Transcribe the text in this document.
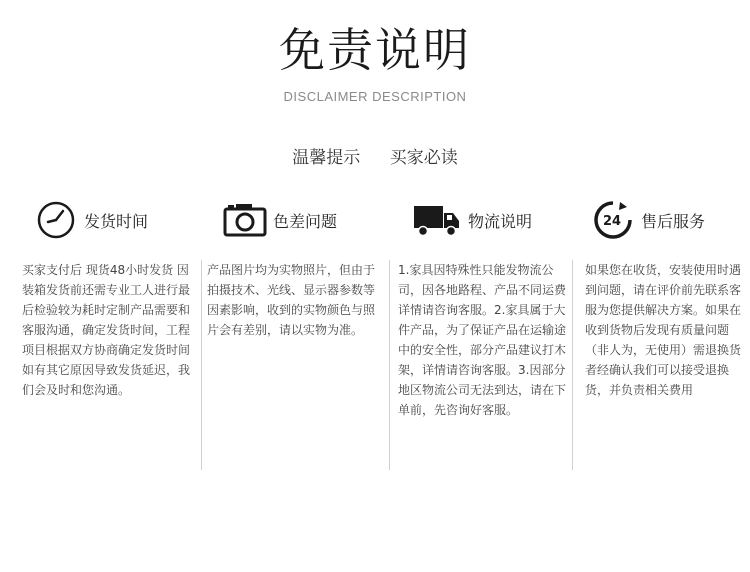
免责说明
DISCLAIMER DESCRIPTION
温馨提示 买家必读
发货时间
买家支付后 现货48小时发货 因装箱发货前还需专业工人进行最后检验较为耗时定制产品需要和客服沟通，确定发货时间，工程项目根据双方协商确定发货时间如有其它原因导致发货延迟，我们会及时和您沟通。
色差问题
产品图片均为实物照片，但由于拍摄技术、光线、显示器参数等因素影响，收到的实物颜色与照片会有差别，请以实物为准。
物流说明
1.家具因特殊性只能发物流公司，因各地路程、产品不同运费详情请咨询客服。2.家具属于大件产品，为了保证产品在运输途中的安全性，部分产品建议打木架，详情请咨询客服。3.因部分地区物流公司无法到达，请在下单前，先咨询好客服。
24 售后服务
如果您在收货，安装使用时遇到问题，请在评价前先联系客服为您提供解决方案。如果在收到货物后发现有质量问题（非人为，无使用）需退换货者经确认我们可以接受退换货，并负责相关费用
